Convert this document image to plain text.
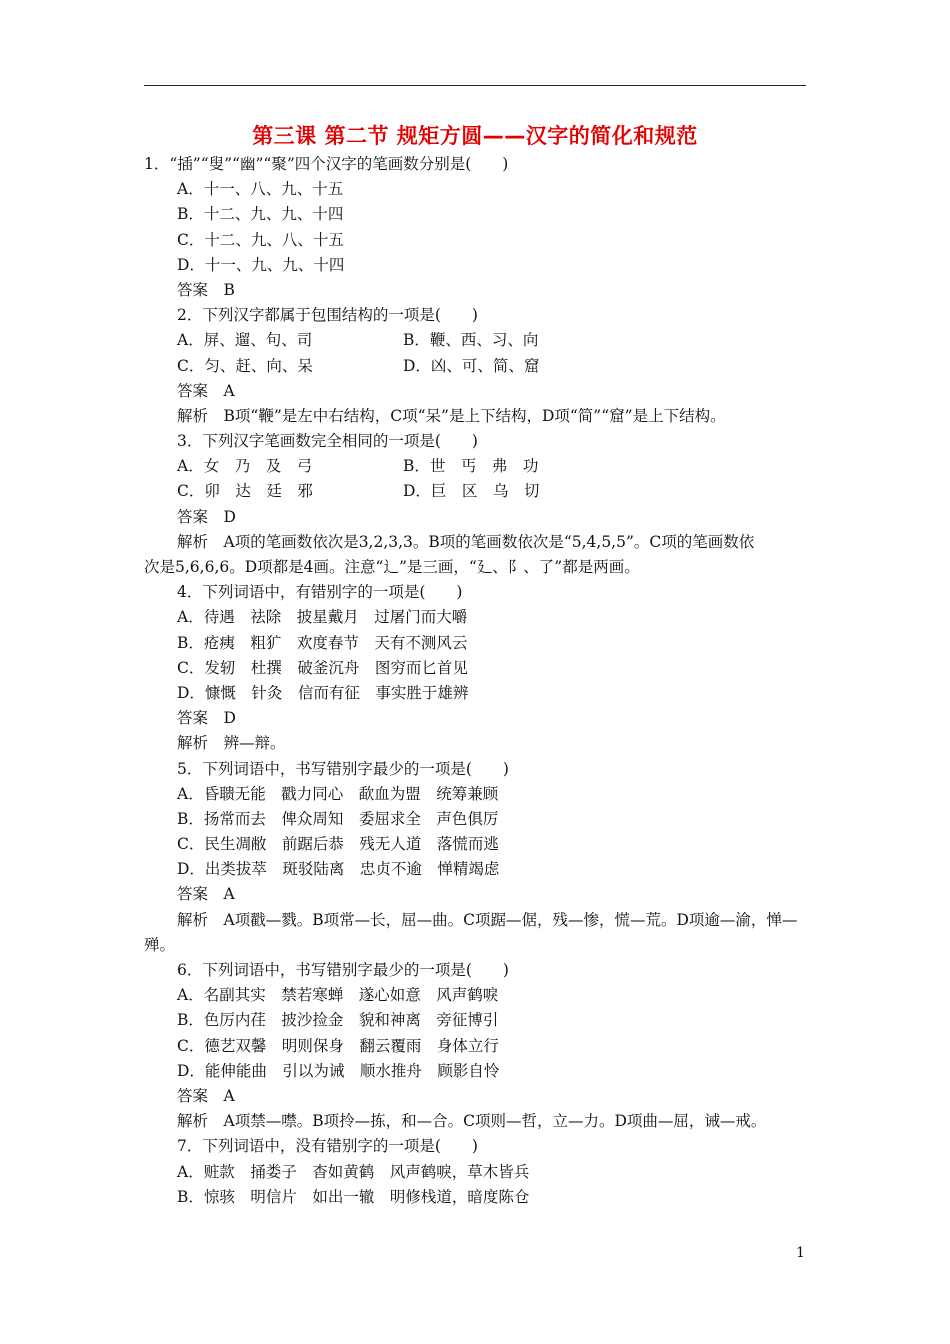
第三课 第二节 规矩方圆——汉字的简化和规范
1．“插”“叟”“幽”“聚”四个汉字的笔画数分别是(　　)
A．十一、八、九、十五
B．十二、九、九、十四
C．十二、九、八、十五
D．十一、九、九、十四
答案　B
2．下列汉字都属于包围结构的一项是(　　)
A．屏、遛、句、司	B．鞭、西、习、向
C．匀、赶、向、呆	D．凶、可、简、窟
答案　A
解析　B项“鞭”是左中右结构，C项“呆”是上下结构，D项“简”“窟”是上下结构。
3．下列汉字笔画数完全相同的一项是(　　)
A．女　乃　及　弓	B．世　丐　弗　功
C．卯　达　廷　邪	D．巨　区　乌　切
答案　D
解析　A项的笔画数依次是3,2,3,3。B项的笔画数依次是“5,4,5,5”。C项的笔画数依
次是5,6,6,6。D项都是4画。注意“辶”是三画，“廴、阝、了”都是两画。
4．下列词语中，有错别字的一项是(　　)
A．待遇　祛除　披星戴月　过屠门而大嚼
B．疮痍　粗犷　欢度春节　天有不测风云
C．发轫　杜撰　破釜沉舟　图穷而匕首见
D．慷慨　针灸　信而有征　事实胜于雄辨
答案　D
解析　辨—辩。
5．下列词语中，书写错别字最少的一项是(　　)
A．昏聩无能　戳力同心　歃血为盟　统筹兼顾
B．扬常而去　俾众周知　委屈求全　声色俱厉
C．民生凋敝　前踞后恭　残无人道　落慌而逃
D．出类拔萃　斑驳陆离　忠贞不逾　惮精竭虑
答案　A
解析　A项戳—戮。B项常—长，屈—曲。C项踞—倨，残—惨，慌—荒。D项逾—渝，惮—
殚。
6．下列词语中，书写错别字最少的一项是(　　)
A．名副其实　禁若寒蝉　遂心如意　风声鹤唳
B．色厉内荏　披沙捡金　貌和神离　旁征博引
C．德艺双馨　明则保身　翻云覆雨　身体立行
D．能伸能曲　引以为诫　顺水推舟　顾影自怜
答案　A
解析　A项禁—噤。B项拎—拣，和—合。C项则—哲，立—力。D项曲—屈，诫—戒。
7．下列词语中，没有错别字的一项是(　　)
A．赃款　捅娄子　杳如黄鹤　风声鹤唳，草木皆兵
B．惊骇　明信片　如出一辙　明修栈道，暗度陈仓
1
